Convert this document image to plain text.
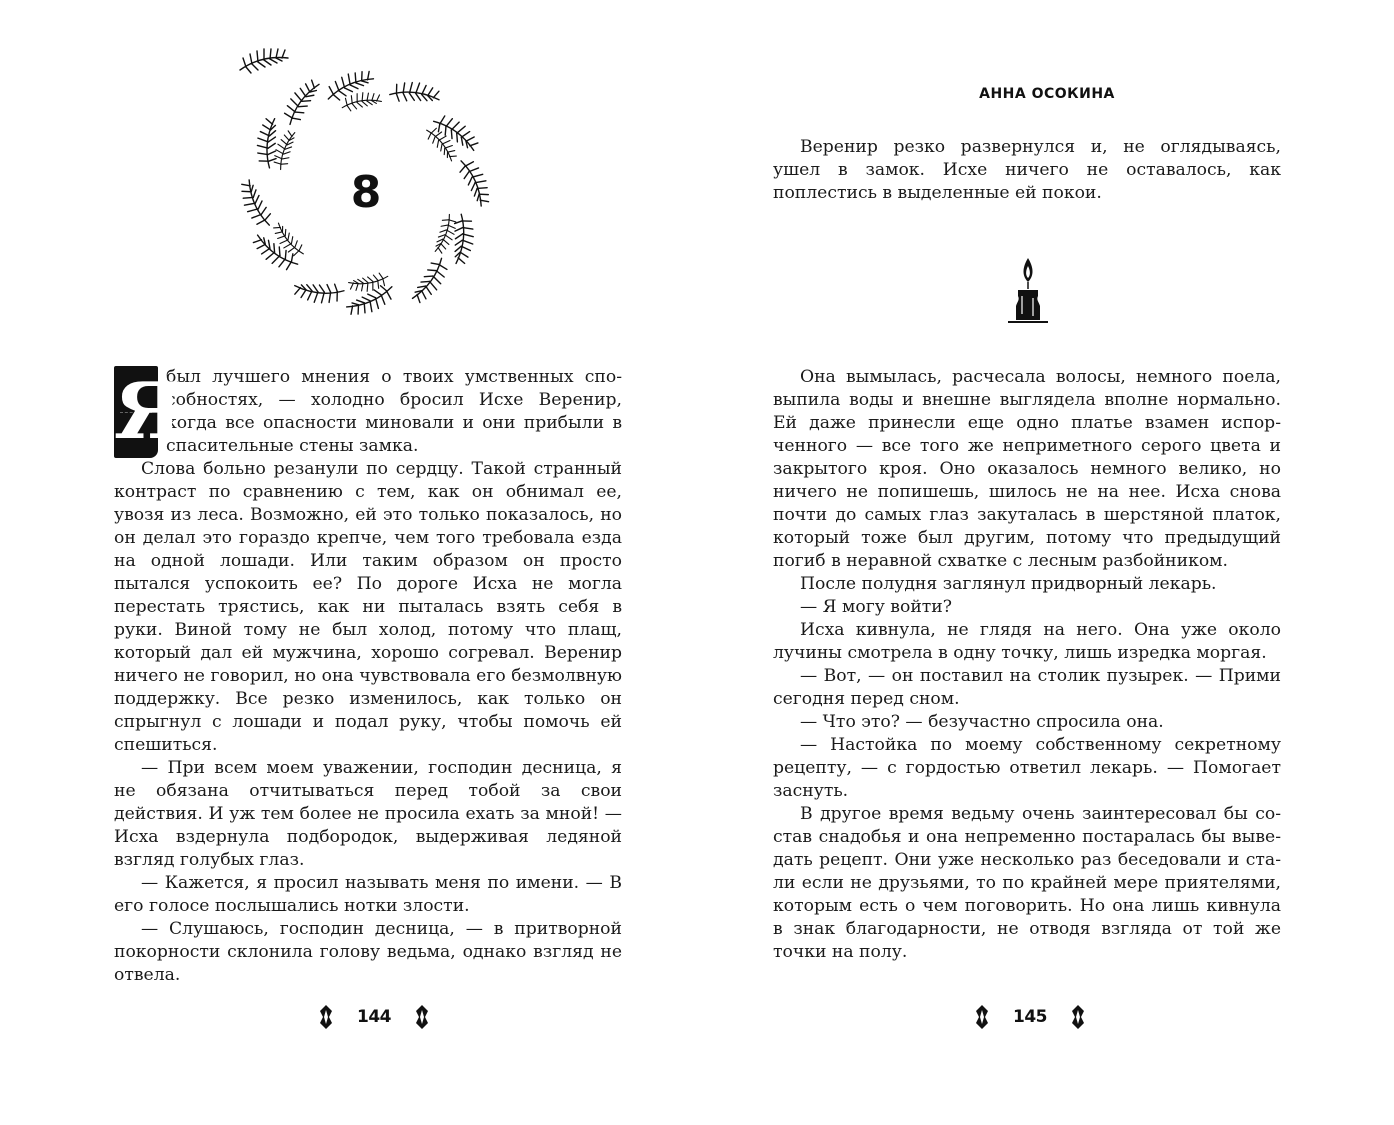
8
Я

был лучшего мнения о твоих умственных способностях, — холодно бросил Исхе Веренир, когда все опасности миновали и они прибыли в спасительные стены замка.

Слова больно резанули по сердцу. Такой странный контраст по сравнению с тем, как он обнимал ее, увозя из леса. Возможно, ей это только показалось, но он делал это гораздо крепче, чем того требовала езда на одной лошади. Или таким образом он просто пытался успокоить ее? По дороге Исха не могла перестать трястись, как ни пыталась взять себя в руки. Виной тому не был холод, потому что плащ, который дал ей мужчина, хорошо согревал. Веренир ничего не говорил, но она чувствовала его безмолвную поддержку. Все резко изменилось, как только он спрыгнул с лошади и подал руку, чтобы помочь ей спешиться.

— При всем моем уважении, господин десница, я не обязана отчитываться перед тобой за свои действия. И уж тем более не просила ехать за мной! — Исха вздернула подбородок, выдерживая ледяной взгляд голубых глаз.

— Кажется, я просил называть меня по имени. — В его голосе послышались нотки злости.

— Слушаюсь, господин десница, — в притворной покорности склонила голову ведьма, однако взгляд не отвела.

144
АННА ОСОКИНА

Веренир резко развернулся и, не оглядываясь, ушел в замок. Исхе ничего не оставалось, как поплестись в выделенные ей покои.

Она вымылась, расчесала волосы, немного поела, выпила воды и внешне выглядела вполне нормально. Ей даже принесли еще одно платье взамен испорченного — все того же неприметного серого цвета и закрытого кроя. Оно оказалось немного велико, но ничего не попишешь, шилось не на нее. Исха снова почти до самых глаз закуталась в шерстяной платок, который тоже был другим, потому что предыдущий погиб в неравной схватке с лесным разбойником.

После полудня заглянул придворный лекарь.

— Я могу войти?

Исха кивнула, не глядя на него. Она уже около лучины смотрела в одну точку, лишь изредка моргая.

— Вот, — он поставил на столик пузырек. — Прими сегодня перед сном.

— Что это? — безучастно спросила она.

— Настойка по моему собственному секретному рецепту, — с гордостью ответил лекарь. — Помогает заснуть.

В другое время ведьму очень заинтересовал бы состав снадобья и она непременно постаралась бы выведать рецепт. Они уже несколько раз беседовали и стали если не друзьями, то по крайней мере приятелями, которым есть о чем поговорить. Но она лишь кивнула в знак благодарности, не отводя взгляда от той же точки на полу.

145
